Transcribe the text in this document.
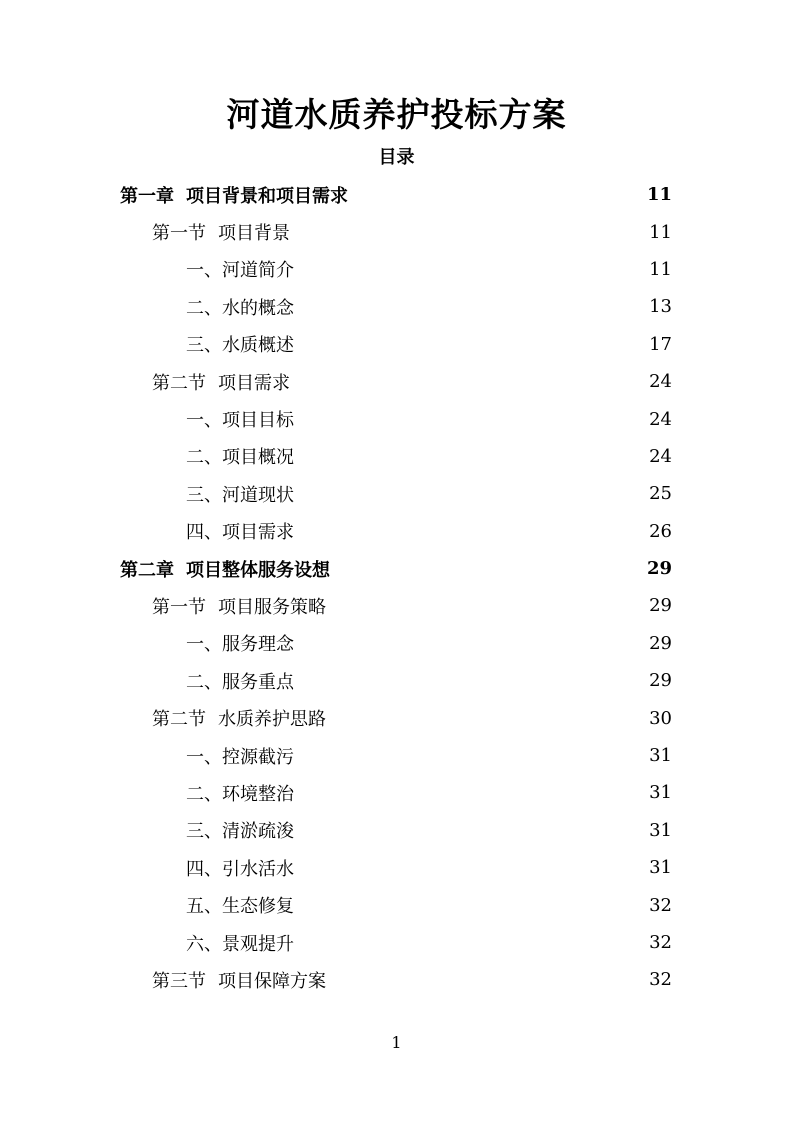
河道水质养护投标方案
目录
第一章 项目背景和项目需求	11
第一节 项目背景	11
一、 河道简介	11
二、 水的概念	13
三、 水质概述	17
第二节 项目需求	24
一、 项目目标	24
二、 项目概况	24
三、 河道现状	25
四、 项目需求	26
第二章 项目整体服务设想	29
第一节 项目服务策略	29
一、 服务理念	29
二、 服务重点	29
第二节 水质养护思路	30
一、 控源截污	31
二、 环境整治	31
三、 清淤疏浚	31
四、 引水活水	31
五、 生态修复	32
六、 景观提升	32
第三节 项目保障方案	32
1
